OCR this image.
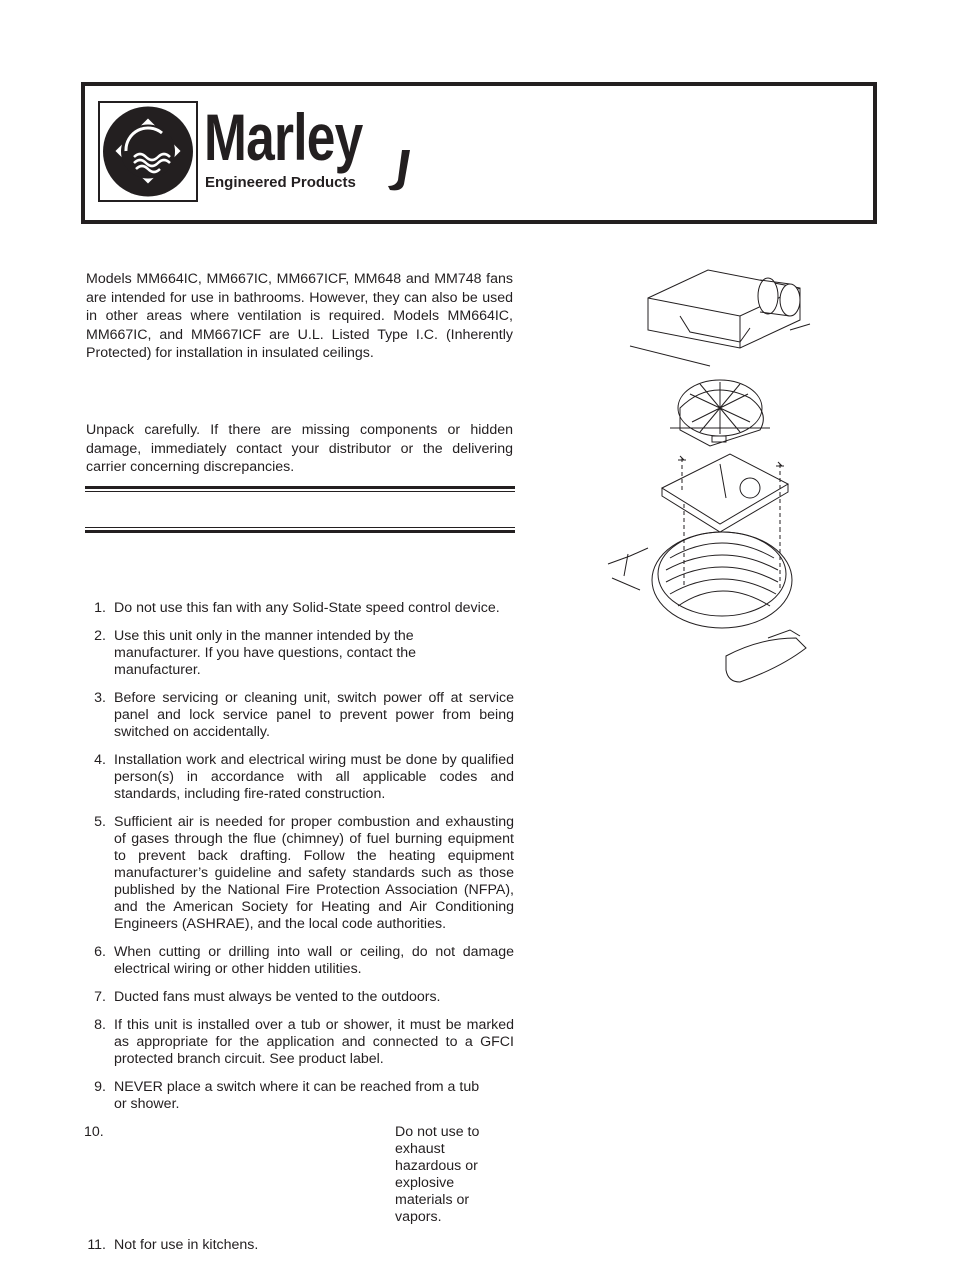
Marley
Engineered Products

Models MM664IC, MM667IC, MM667ICF, MM648 and MM748 fans are intended for use in bathrooms. However, they can also be used in other areas where ventilation is required. Models MM664IC, MM667IC, and MM667ICF are U.L. Listed Type I.C. (Inherently Protected) for installation in insulated ceilings.

Unpack carefully. If there are missing components or hidden damage, immediately contact your distributor or the delivering carrier concerning discrepancies.

1. Do not use this fan with any Solid-State speed control device.
2. Use this unit only in the manner intended by the manufacturer. If you have questions, contact the manufacturer.
3. Before servicing or cleaning unit, switch power off at service panel and lock service panel to prevent power from being switched on accidentally.
4. Installation work and electrical wiring must be done by qualified person(s) in accordance with all applicable codes and standards, including fire-rated construction.
5. Sufficient air is needed for proper combustion and exhausting of gases through the flue (chimney) of fuel burning equipment to prevent back drafting. Follow the heating equipment manufacturer’s guideline and safety standards such as those published by the National Fire Protection Association (NFPA), and the American Society for Heating and Air Conditioning Engineers (ASHRAE), and the local code authorities.
6. When cutting or drilling into wall or ceiling, do not damage electrical wiring or other hidden utilities.
7. Ducted fans must always be vented to the outdoors.
8. If this unit is installed over a tub or shower, it must be marked as appropriate for the application and connected to a GFCI protected branch circuit. See product label.
9. NEVER place a switch where it can be reached from a tub or shower.
10.	Do not use to exhaust hazardous or explosive materials or vapors.
11. Not for use in kitchens.
